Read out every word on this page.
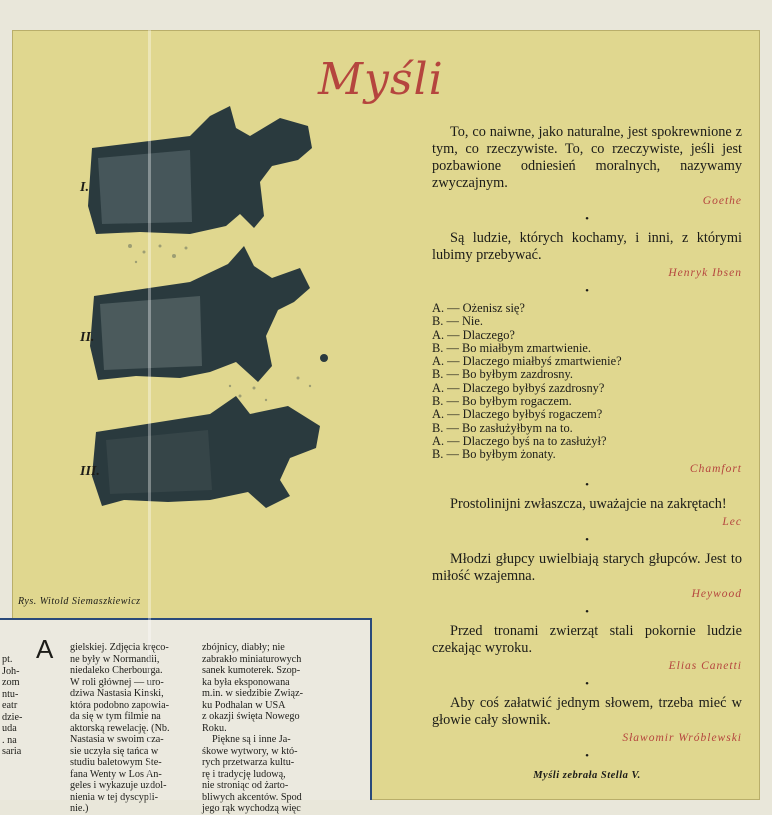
Myśli
I.
II.
III.
Rys. Witold Siemaszkiewicz

To, co naiwne, jako naturalne, jest spokrewnione z tym, co rzeczywiste. To, co rzeczywiste, jeśli jest pozbawione odniesień moralnych, nazywamy zwyczajnym.

Goethe

•

Są ludzie, których kochamy, i inni, z którymi lubimy przebywać.

Henryk Ibsen

•
A. — Ożenisz się?
B. — Nie.
A. — Dlaczego?
B. — Bo miałbym zmartwienie.
A. — Dlaczego miałbyś zmartwienie?
B. — Bo byłbym zazdrosny.
A. — Dlaczego byłbyś zazdrosny?
B. — Bo byłbym rogaczem.
A. — Dlaczego byłbyś rogaczem?
B. — Bo zasłużyłbym na to.
A. — Dlaczego byś na to zasłużył?
B. — Bo byłbym żonaty.

Chamfort

•

Prostolinijni zwłaszcza, uważajcie na zakrętach!

Lec

•

Młodzi głupcy uwielbiają starych głupców. Jest to miłość wzajemna.

Heywood

•

Przed tronami zwierząt stali pokornie ludzie czekając wyroku.

Elias Canetti

•

Aby coś załatwić jednym słowem, trzeba mieć w głowie cały słownik.

Sławomir Wróblewski

•
Myśli zebrała Stella V.
A
pt.
Joh-
zom
ntu-
eatr
dzie-
uda
. na
saria
gielskiej. Zdjęcia kręco-
ne były w Normandii,
niedaleko Cherbourga.
W roli głównej — uro-
dziwa Nastasia Kinski,
która podobno zapowia-
da się w tym filmie na
aktorską rewelację. (Nb.
Nastasia w swoim cza-
sie uczyła się tańca w
studiu baletowym Ste-
fana Wenty w Los An-
geles i wykazuje uzdol-
nienia w tej dyscypli-
nie.)
zbójnicy, diabły; nie
zabrakło miniaturowych
sanek kumoterek. Szop-
ka była eksponowana
m.in. w siedzibie Związ-
ku Podhalan w USA
z okazji święta Nowego
Roku.
Piękne są i inne Ja-
śkowe wytwory, w któ-
rych przetwarza kultu-
rę i tradycję ludową,
nie stroniąc od żarto-
bliwych akcentów. Spod
jego rąk wychodzą więc
